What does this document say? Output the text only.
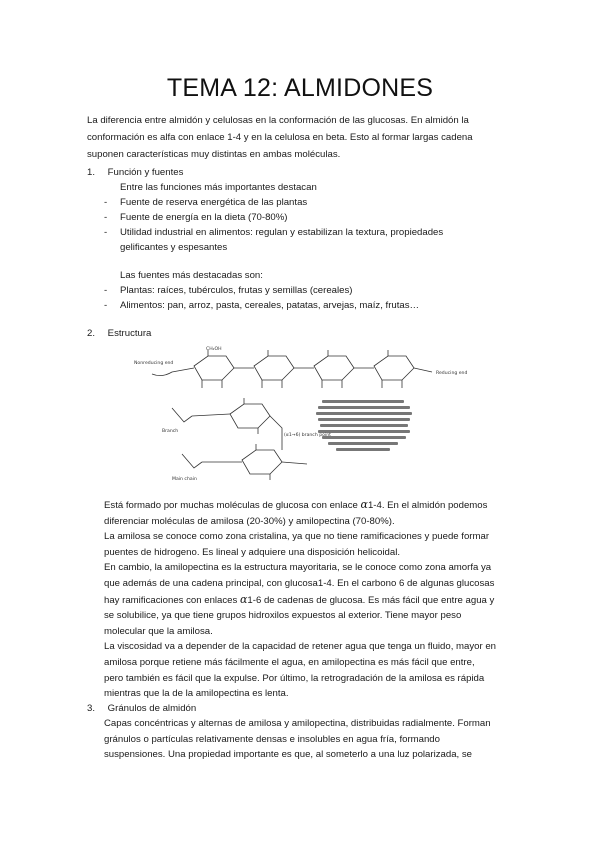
TEMA 12: ALMIDONES
La diferencia entre almidón y celulosas en la conformación de las glucosas. En almidón la
conformación es alfa con enlace 1-4 y en la celulosa en beta. Esto al formar largas cadena
suponen características muy distintas en ambas moléculas.
1. Función y fuentes
Entre las funciones más importantes destacan
- Fuente de reserva energética de las plantas
- Fuente de energía en la dieta (70-80%)
- Utilidad industrial en alimentos: regulan y estabilizan la textura, propiedades
gelificantes y espesantes
Las fuentes más destacadas son:
- Plantas: raíces, tubérculos, frutas y semillas (cereales)
- Alimentos: pan, arroz, pasta, cereales, patatas, arvejas, maíz, frutas…
2. Estructura
Nonreducing end
Reducing end
Branch
(α1→6) branch point
Main chain
CH₂OH
Está formado por muchas moléculas de glucosa con enlace α1-4. En el almidón podemos
diferenciar moléculas de amilosa (20-30%) y amilopectina (70-80%).
La amilosa se conoce como zona cristalina, ya que no tiene ramificaciones y puede formar
puentes de hidrogeno. Es lineal y adquiere una disposición helicoidal.
En cambio, la amilopectina es la estructura mayoritaria, se le conoce como zona amorfa ya
que además de una cadena principal, con glucosa1-4. En el carbono 6 de algunas glucosas
hay ramificaciones con enlaces α1-6 de cadenas de glucosa. Es más fácil que entre agua y
se solubilice, ya que tiene grupos hidroxilos expuestos al exterior. Tiene mayor peso
molecular que la amilosa.
La viscosidad va a depender de la capacidad de retener agua que tenga un fluido, mayor en
amilosa porque retiene más fácilmente el agua, en amilopectina es más fácil que entre,
pero también es fácil que la expulse. Por último, la retrogradación de la amilosa es rápida
mientras que la de la amilopectina es lenta.
3. Gránulos de almidón
Capas concéntricas y alternas de amilosa y amilopectina, distribuidas radialmente. Forman
gránulos o partículas relativamente densas e insolubles en agua fría, formando
suspensiones. Una propiedad importante es que, al someterlo a una luz polarizada, se
